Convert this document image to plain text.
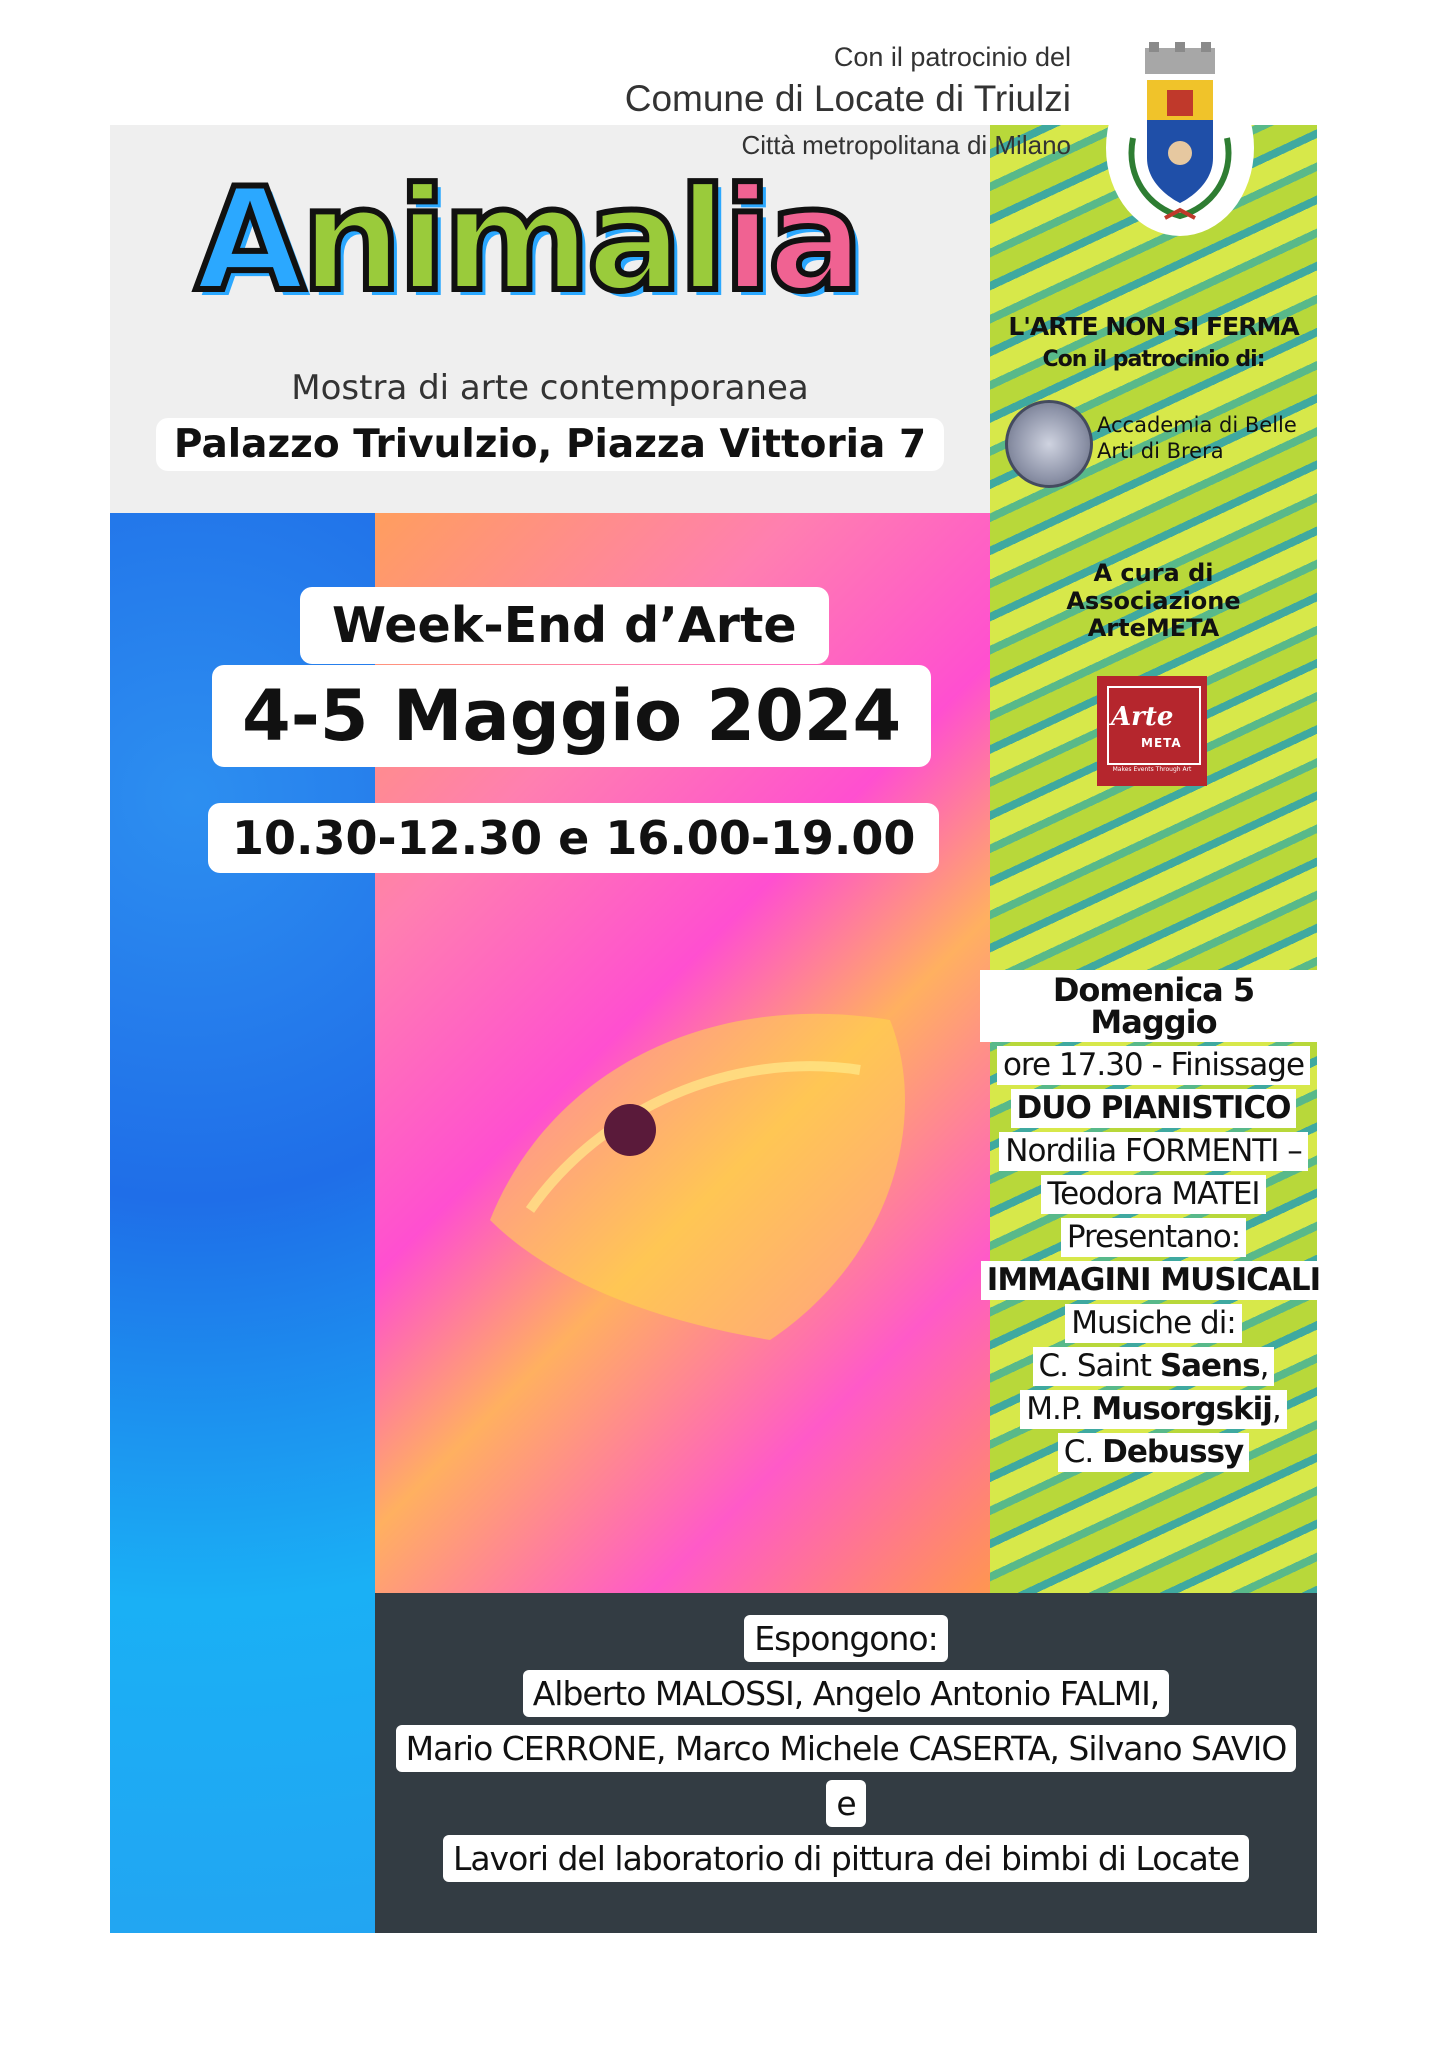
Con il patrocinio del
Comune di Locate di Triulzi
Città metropolitana di Milano
Animalia
Mostra di arte contemporanea
Palazzo Trivulzio, Piazza Vittoria 7
Week-End d’Arte
4-5 Maggio 2024
10.30-12.30 e 16.00-19.00
L'ARTE NON SI FERMA
Con il patrocinio di:
Accademia di Belle
Arti di Brera
A cura di
Associazione
ArteMETA
Arte
META
Makes Events Through Art
Domenica 5 Maggio
ore 17.30 - Finissage
DUO PIANISTICO
Nordilia FORMENTI –
Teodora MATEI
Presentano:
IMMAGINI MUSICALI
Musiche di:
C. Saint Saens,
M.P. Musorgskij,
C. Debussy
Espongono:
Alberto MALOSSI, Angelo Antonio FALMI,
Mario CERRONE, Marco Michele CASERTA, Silvano SAVIO
e
Lavori del laboratorio di pittura dei bimbi di Locate
